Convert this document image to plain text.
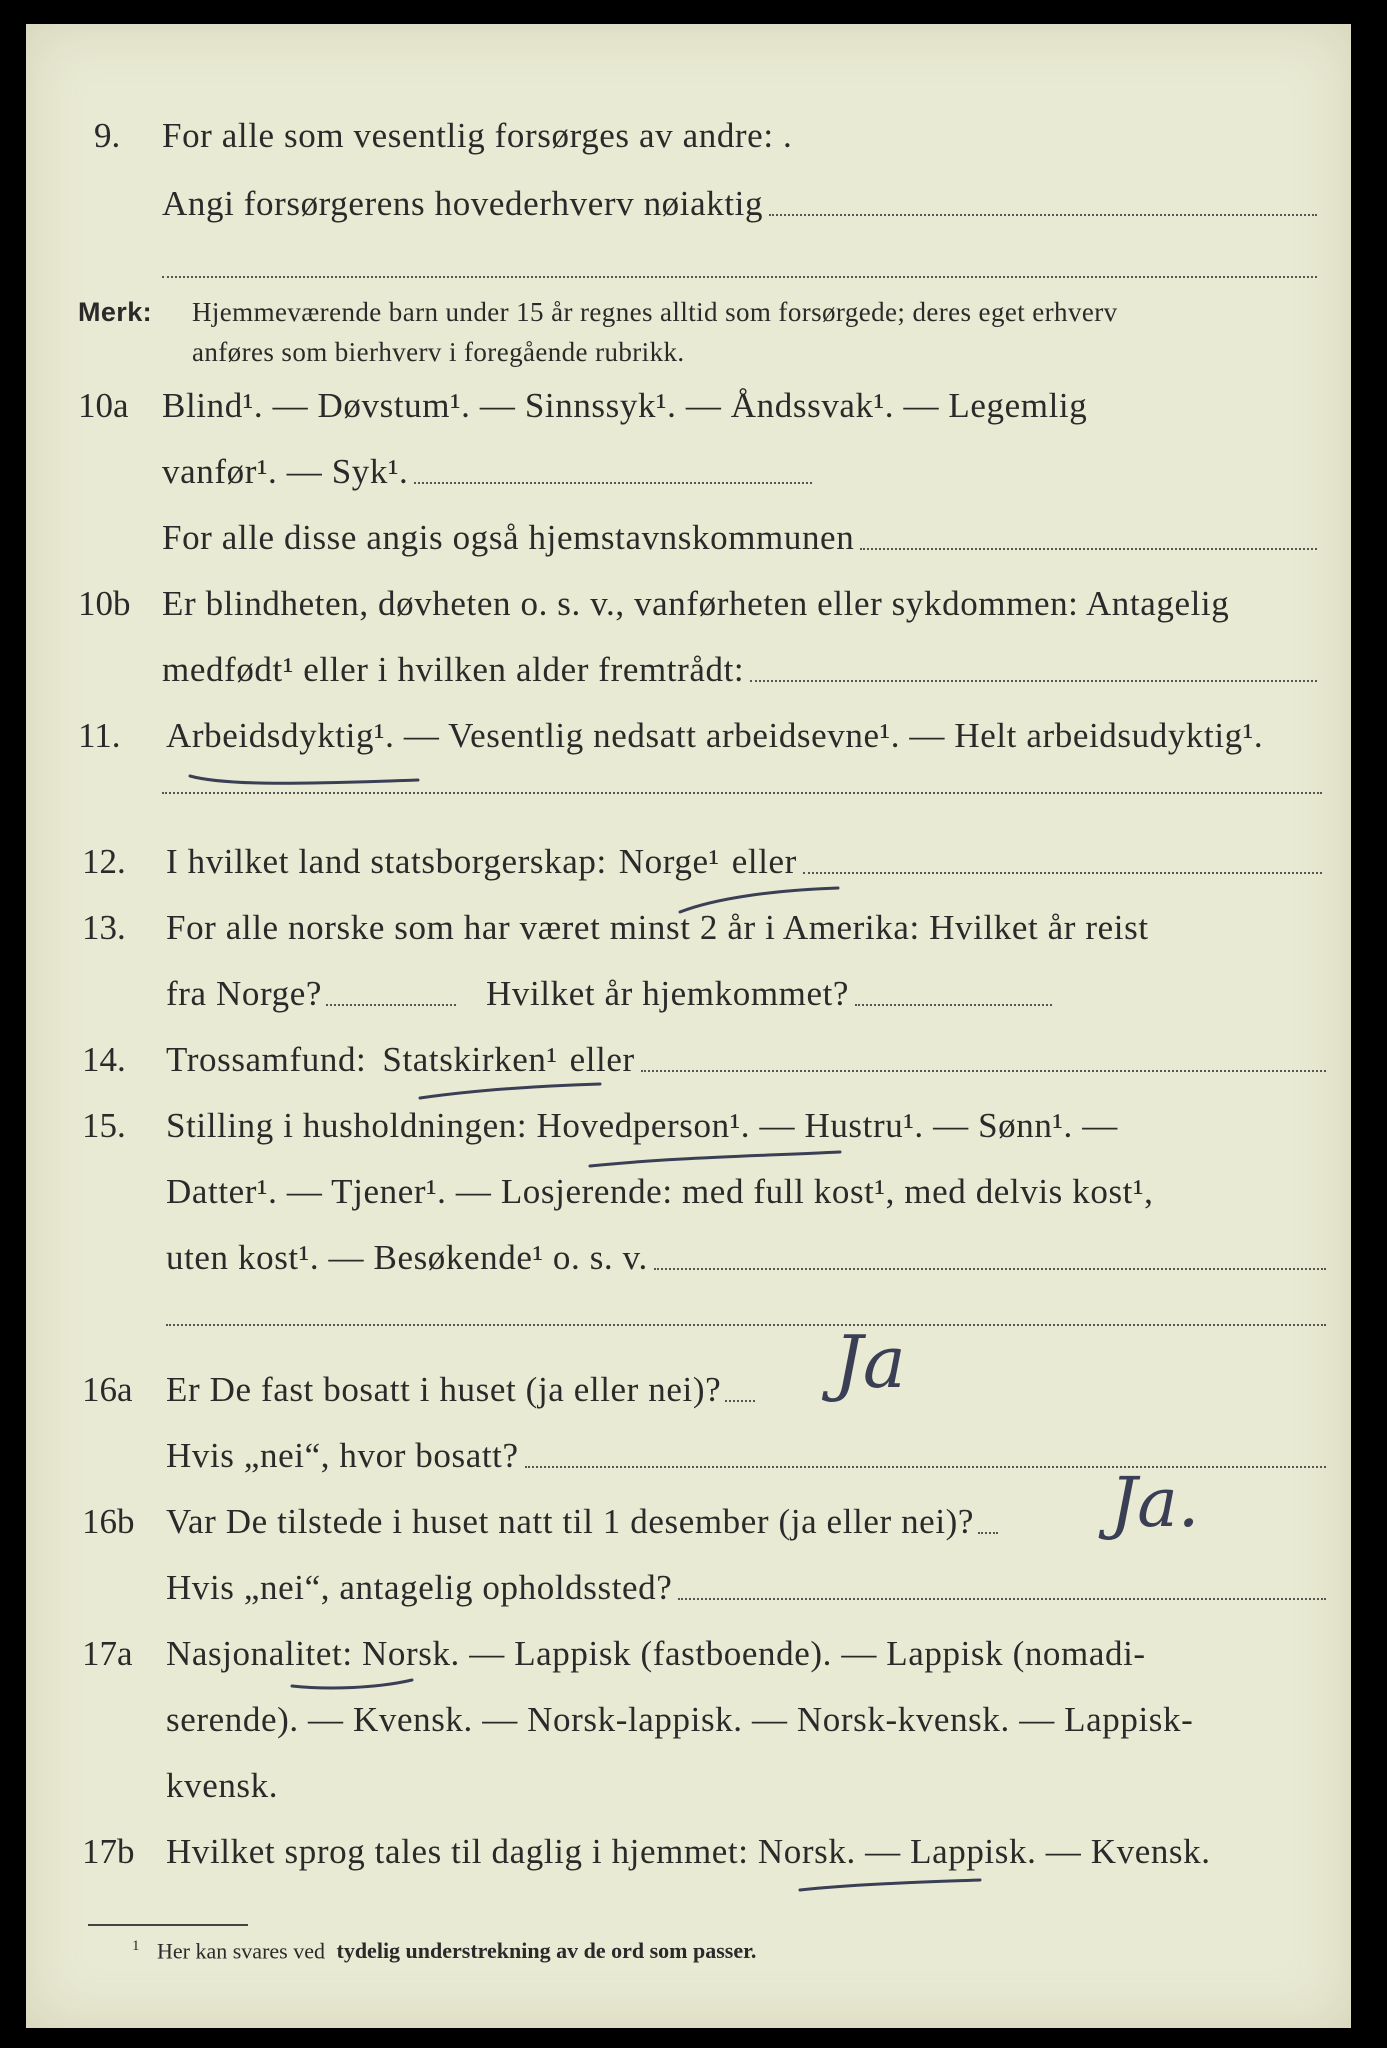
9. For alle som vesentlig forsørges av andre: .
Angi forsørgerens hovederhverv nøiaktig
Merk: Hjemmeværende barn under 15 år regnes alltid som forsørgede; deres eget erhverv
anføres som bierhverv i foregående rubrikk.
10a Blind¹. — Døvstum¹. — Sinnssyk¹. — Åndssvak¹. — Legemlig
vanfør¹. — Syk¹.
For alle disse angis også hjemstavnskommunen
10b Er blindheten, døvheten o. s. v., vanførheten eller sykdommen: Antagelig
medfødt¹ eller i hvilken alder fremtrådt:
11. Arbeidsdyktig¹. — Vesentlig nedsatt arbeidsevne¹. — Helt arbeidsudyktig¹.
12. I hvilket land statsborgerskap: Norge¹ eller
13. For alle norske som har været minst 2 år i Amerika: Hvilket år reist
fra Norge?	Hvilket år hjemkommet?
14. Trossamfund: Statskirken¹ eller
15. Stilling i husholdningen: Hovedperson¹. — Hustru¹. — Sønn¹. —
Datter¹. — Tjener¹. — Losjerende: med full kost¹, med delvis kost¹,
uten kost¹. — Besøkende¹ o. s. v.
16a Er De fast bosatt i huset (ja eller nei)? Ja
Hvis „nei“, hvor bosatt?
16b Var De tilstede i huset natt til 1 desember (ja eller nei)? Ja.
Hvis „nei“, antagelig opholdssted?
17a Nasjonalitet: Norsk. — Lappisk (fastboende). — Lappisk (nomadi-
serende). — Kvensk. — Norsk-lappisk. — Norsk-kvensk. — Lappisk-
kvensk.
17b Hvilket sprog tales til daglig i hjemmet: Norsk. — Lappisk. — Kvensk.
$^1$ Her kan svares ved tydelig understrekning av de ord som passer.
